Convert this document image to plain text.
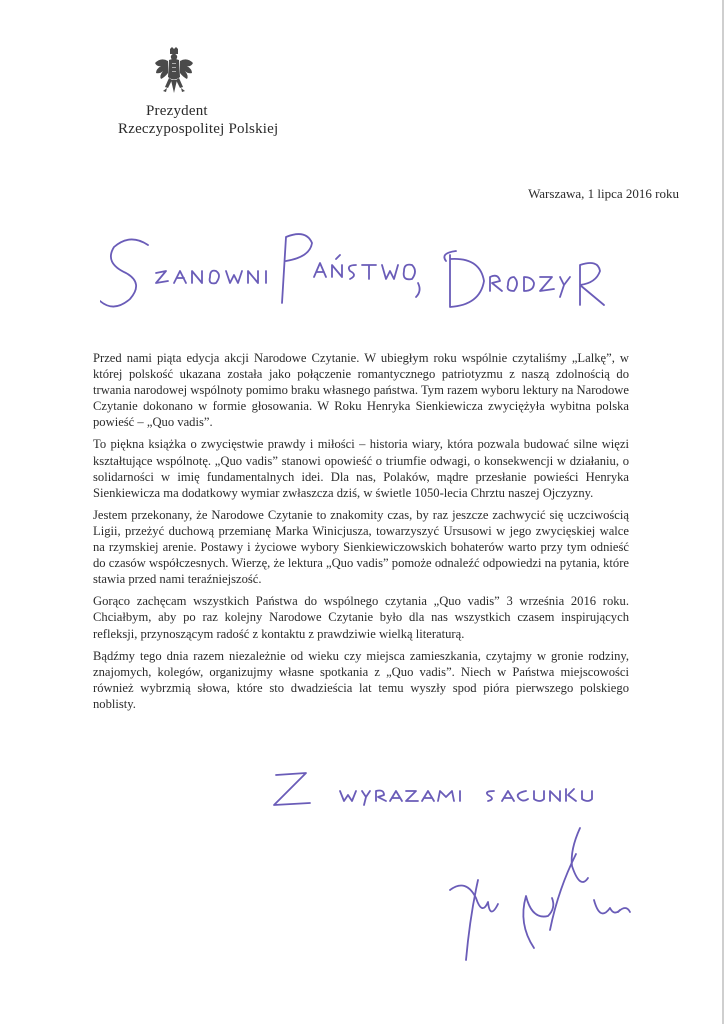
Prezydent
Rzeczypospolitej Polskiej
Warszawa, 1 lipca 2016 roku

Przed nami piąta edycja akcji Narodowe Czytanie. W ubiegłym roku wspólnie czytaliśmy „Lalkę”, w której polskość ukazana została jako połączenie romantycznego patriotyzmu z naszą zdolnością do trwania narodowej wspólnoty pomimo braku własnego państwa. Tym razem wyboru lektury na Narodowe Czytanie dokonano w formie głosowania. W Roku Henryka Sienkiewicza zwyciężyła wybitna polska powieść – „Quo vadis”.

To piękna książka o zwycięstwie prawdy i miłości – historia wiary, która pozwala budować silne więzi kształtujące wspólnotę. „Quo vadis” stanowi opowieść o triumfie odwagi, o konsekwencji w działaniu, o solidarności w imię fundamentalnych idei. Dla nas, Polaków, mądre przesłanie powieści Henryka Sienkiewicza ma dodatkowy wymiar zwłaszcza dziś, w świetle 1050-lecia Chrztu naszej Ojczyzny.

Jestem przekonany, że Narodowe Czytanie to znakomity czas, by raz jeszcze zachwycić się uczciwością Ligii, przeżyć duchową przemianę Marka Winicjusza, towarzyszyć Ursusowi w jego zwycięskiej walce na rzymskiej arenie. Postawy i życiowe wybory Sienkiewiczowskich bohaterów warto przy tym odnieść do czasów współczesnych. Wierzę, że lektura „Quo vadis” pomoże odnaleźć odpowiedzi na pytania, które stawia przed nami teraźniejszość.

Gorąco zachęcam wszystkich Państwa do wspólnego czytania „Quo vadis” 3 września 2016 roku. Chciałbym, aby po raz kolejny Narodowe Czytanie było dla nas wszystkich czasem inspirujących refleksji, przynoszącym radość z kontaktu z prawdziwie wielką literaturą.

Bądźmy tego dnia razem niezależnie od wieku czy miejsca zamieszkania, czytajmy w gronie rodziny, znajomych, kolegów, organizujmy własne spotkania z „Quo vadis”. Niech w Państwa miejscowości również wybrzmią słowa, które sto dwadzieścia lat temu wyszły spod pióra pierwszego polskiego noblisty.
